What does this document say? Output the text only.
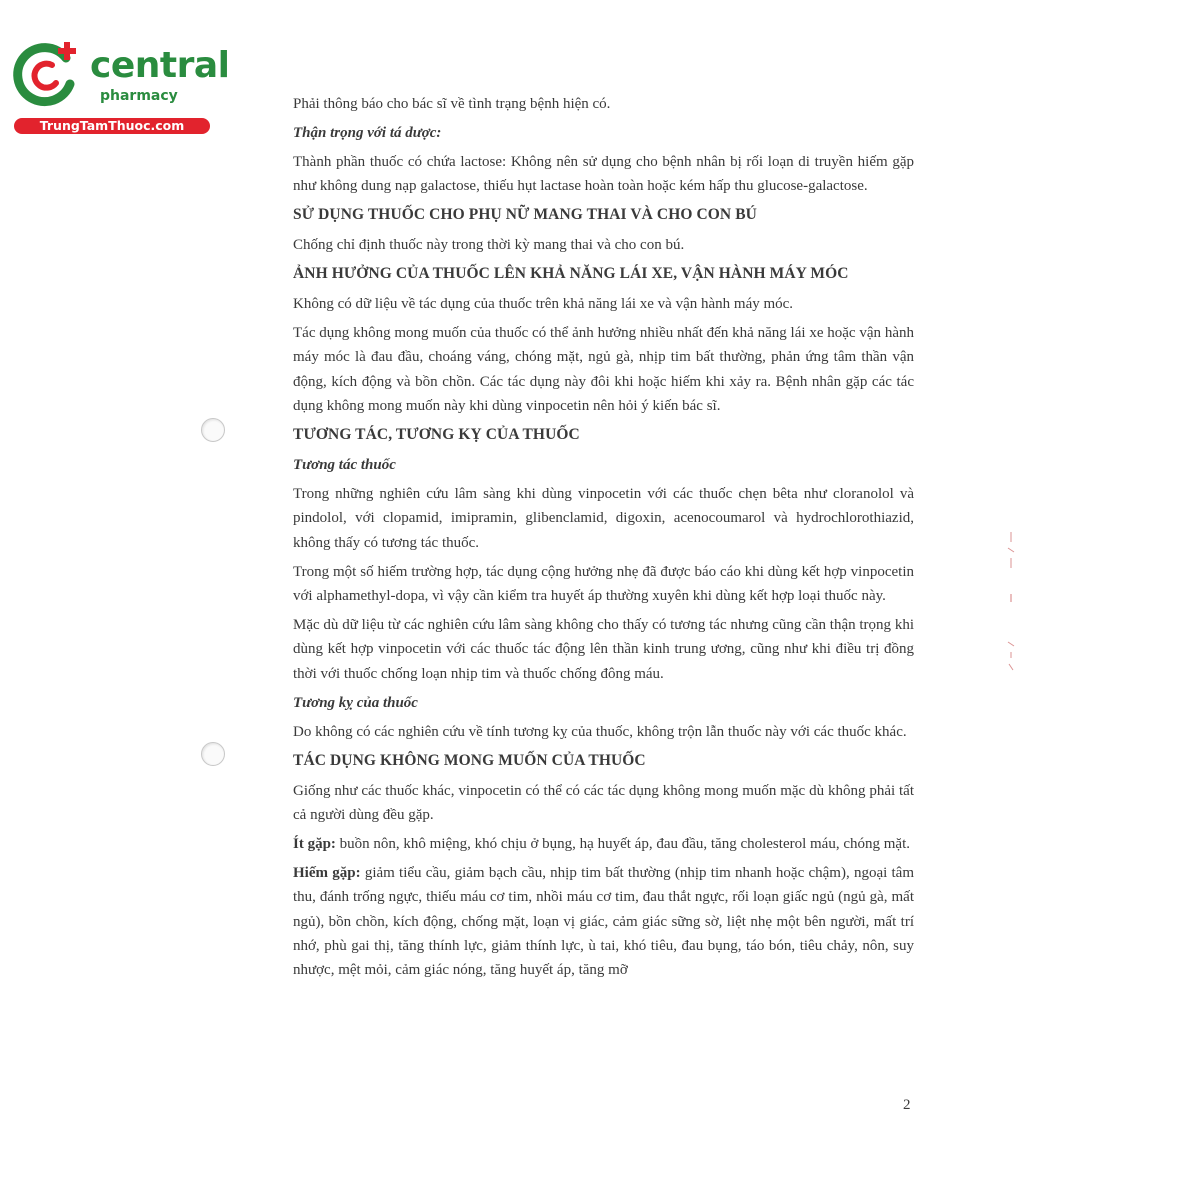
central
pharmacy
TrungTamThuoc.com

Phải thông báo cho bác sĩ về tình trạng bệnh hiện có.

Thận trọng với tá dược:

Thành phần thuốc có chứa lactose: Không nên sử dụng cho bệnh nhân bị rối loạn di truyền hiếm gặp như không dung nạp galactose, thiếu hụt lactase hoàn toàn hoặc kém hấp thu glucose-galactose.

SỬ DỤNG THUỐC CHO PHỤ NỮ MANG THAI VÀ CHO CON BÚ

Chống chỉ định thuốc này trong thời kỳ mang thai và cho con bú.

ẢNH HƯỞNG CỦA THUỐC LÊN KHẢ NĂNG LÁI XE, VẬN HÀNH MÁY MÓC

Không có dữ liệu về tác dụng của thuốc trên khả năng lái xe và vận hành máy móc.

Tác dụng không mong muốn của thuốc có thể ảnh hưởng nhiều nhất đến khả năng lái xe hoặc vận hành máy móc là đau đầu, choáng váng, chóng mặt, ngủ gà, nhịp tim bất thường, phản ứng tâm thần vận động, kích động và bồn chồn. Các tác dụng này đôi khi hoặc hiếm khi xảy ra. Bệnh nhân gặp các tác dụng không mong muốn này khi dùng vinpocetin nên hỏi ý kiến bác sĩ.

TƯƠNG TÁC, TƯƠNG KỴ CỦA THUỐC

Tương tác thuốc

Trong những nghiên cứu lâm sàng khi dùng vinpocetin với các thuốc chẹn bêta như cloranolol và pindolol, với clopamid, imipramin, glibenclamid, digoxin, acenocoumarol và hydrochlorothiazid, không thấy có tương tác thuốc.

Trong một số hiếm trường hợp, tác dụng cộng hưởng nhẹ đã được báo cáo khi dùng kết hợp vinpocetin với alphamethyl-dopa, vì vậy cần kiểm tra huyết áp thường xuyên khi dùng kết hợp loại thuốc này.

Mặc dù dữ liệu từ các nghiên cứu lâm sàng không cho thấy có tương tác nhưng cũng cần thận trọng khi dùng kết hợp vinpocetin với các thuốc tác động lên thần kinh trung ương, cũng như khi điều trị đồng thời với thuốc chống loạn nhịp tim và thuốc chống đông máu.

Tương kỵ của thuốc

Do không có các nghiên cứu về tính tương kỵ của thuốc, không trộn lẫn thuốc này với các thuốc khác.

TÁC DỤNG KHÔNG MONG MUỐN CỦA THUỐC

Giống như các thuốc khác, vinpocetin có thể có các tác dụng không mong muốn mặc dù không phải tất cả người dùng đều gặp.

Ít gặp: buồn nôn, khô miệng, khó chịu ở bụng, hạ huyết áp, đau đầu, tăng cholesterol máu, chóng mặt.

Hiếm gặp: giảm tiểu cầu, giảm bạch cầu, nhịp tim bất thường (nhịp tim nhanh hoặc chậm), ngoại tâm thu, đánh trống ngực, thiếu máu cơ tim, nhồi máu cơ tim, đau thắt ngực, rối loạn giấc ngủ (ngủ gà, mất ngủ), bồn chồn, kích động, chống mặt, loạn vị giác, cảm giác sững sờ, liệt nhẹ một bên người, mất trí nhớ, phù gai thị, tăng thính lực, giảm thính lực, ù tai, khó tiêu, đau bụng, táo bón, tiêu chảy, nôn, suy nhược, mệt mỏi, cảm giác nóng, tăng huyết áp, tăng mỡ

2
